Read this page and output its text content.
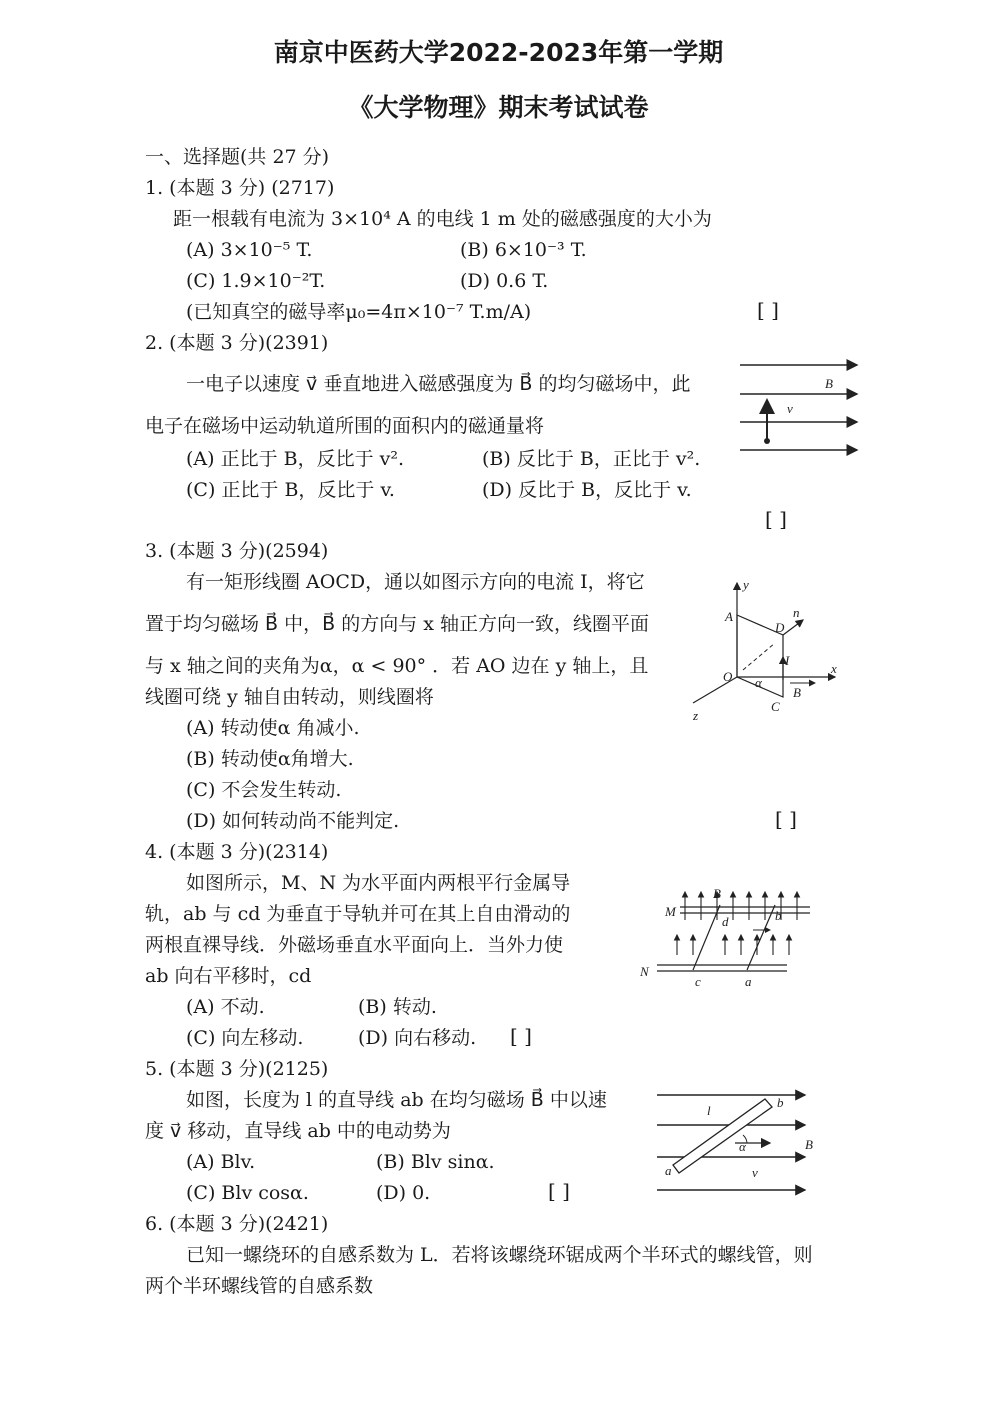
南京中医药大学2022-2023年第一学期
《大学物理》期末考试试卷
一、选择题(共 27 分)
1. (本题 3 分) (2717)
距一根载有电流为 3×10⁴ A 的电线 1 m 处的磁感强度的大小为
(A) 3×10⁻⁵ T.	(B) 6×10⁻³ T.
(C) 1.9×10⁻²T.	(D) 0.6 T.
(已知真空的磁导率μ₀=4π×10⁻⁷ T.m/A)	[ ]
2. (本题 3 分)(2391)
一电子以速度 v⃗ 垂直地进入磁感强度为 B⃗ 的均匀磁场中，此
电子在磁场中运动轨道所围的面积内的磁通量将
(A) 正比于 B，反比于 v².	(B) 反比于 B，正比于 v².
(C) 正比于 B，反比于 v.	(D) 反比于 B，反比于 v.
[ ]
v⃗
B⃗
3. (本题 3 分)(2594)
有一矩形线圈 AOCD，通以如图示方向的电流 I，将它
置于均匀磁场 B⃗ 中，B⃗ 的方向与 x 轴正方向一致，线圈平面
与 x 轴之间的夹角为α，α < 90° ．若 AO 边在 y 轴上，且
线圈可绕 y 轴自由转动，则线圈将
(A) 转动使α 角减小.
(B) 转动使α角增大.
(C) 不会发生转动.
(D) 如何转动尚不能判定.	[ ]
y
x
z
A
D
O
C
I
n⃗
B⃗
α
4. (本题 3 分)(2314)
如图所示，M、N 为水平面内两根平行金属导
轨，ab 与 cd 为垂直于导轨并可在其上自由滑动的
两根直裸导线．外磁场垂直水平面向上．当外力使
ab 向右平移时，cd
(A) 不动.	(B) 转动.
(C) 向左移动.	(D) 向右移动. [ ]
M
N
B⃗
b
d
c	a
5. (本题 3 分)(2125)
如图，长度为 l 的直导线 ab 在均匀磁场 B⃗ 中以速
度 v⃗ 移动，直导线 ab 中的电动势为
(A) Blv.	(B) Blv sinα.
(C) Blv cosα.	(D) 0.	[ ]
l
b
a
B⃗
v⃗
α
6. (本题 3 分)(2421)
已知一螺绕环的自感系数为 L．若将该螺绕环锯成两个半环式的螺线管，则
两个半环螺线管的自感系数
